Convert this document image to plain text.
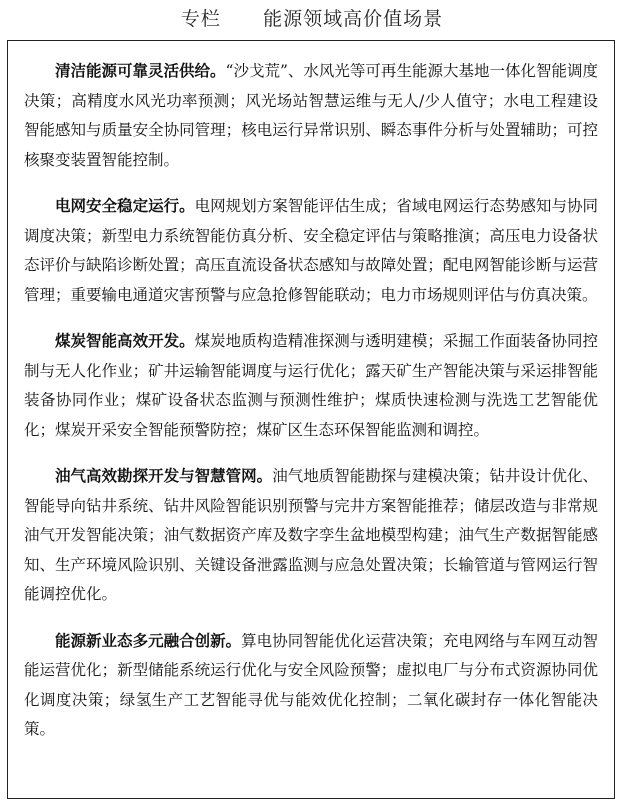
专栏 能源领域高价值场景

清洁能源可靠灵活供给。“沙戈荒”、水风光等可再生能源大基地一体化智能调度决策；高精度水风光功率预测；风光场站智慧运维与无人/少人值守；水电工程建设智能感知与质量安全协同管理；核电运行异常识别、瞬态事件分析与处置辅助；可控核聚变装置智能控制。

电网安全稳定运行。电网规划方案智能评估生成；省域电网运行态势感知与协同调度决策；新型电力系统智能仿真分析、安全稳定评估与策略推演；高压电力设备状态评价与缺陷诊断处置；高压直流设备状态感知与故障处置；配电网智能诊断与运营管理；重要输电通道灾害预警与应急抢修智能联动；电力市场规则评估与仿真决策。

煤炭智能高效开发。煤炭地质构造精准探测与透明建模；采掘工作面装备协同控制与无人化作业；矿井运输智能调度与运行优化；露天矿生产智能决策与采运排智能装备协同作业；煤矿设备状态监测与预测性维护；煤质快速检测与洗选工艺智能优化；煤炭开采安全智能预警防控；煤矿区生态环保智能监测和调控。

油气高效勘探开发与智慧管网。油气地质智能勘探与建模决策；钻井设计优化、智能导向钻井系统、钻井风险智能识别预警与完井方案智能推荐；储层改造与非常规油气开发智能决策；油气数据资产库及数字孪生盆地模型构建；油气生产数据智能感知、生产环境风险识别、关键设备泄露监测与应急处置决策；长输管道与管网运行智能调控优化。

能源新业态多元融合创新。算电协同智能优化运营决策；充电网络与车网互动智能运营优化；新型储能系统运行优化与安全风险预警；虚拟电厂与分布式资源协同优化调度决策；绿氢生产工艺智能寻优与能效优化控制；二氧化碳封存一体化智能决策。
